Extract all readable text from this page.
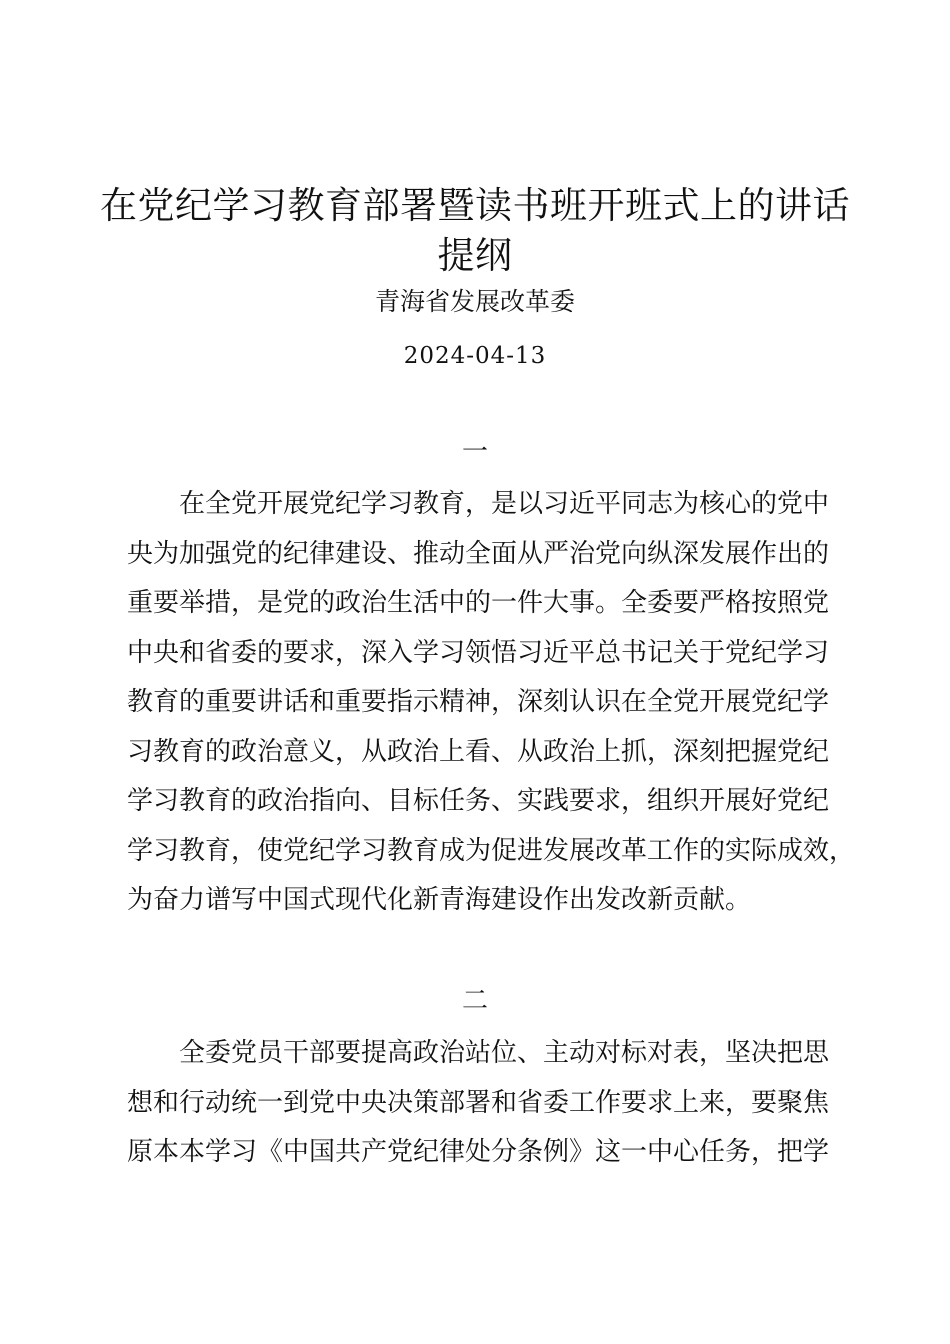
在党纪学习教育部署暨读书班开班式上的讲话
提纲
青海省发展改革委
2024-04-13
一
在全党开展党纪学习教育，是以习近平同志为核心的党中
央为加强党的纪律建设、推动全面从严治党向纵深发展作出的
重要举措，是党的政治生活中的一件大事。全委要严格按照党
中央和省委的要求，深入学习领悟习近平总书记关于党纪学习
教育的重要讲话和重要指示精神，深刻认识在全党开展党纪学
习教育的政治意义，从政治上看、从政治上抓，深刻把握党纪
学习教育的政治指向、目标任务、实践要求，组织开展好党纪
学习教育，使党纪学习教育成为促进发展改革工作的实际成效，
为奋力谱写中国式现代化新青海建设作出发改新贡献。
二
全委党员干部要提高政治站位、主动对标对表，坚决把思
想和行动统一到党中央决策部署和省委工作要求上来，要聚焦
原本本学习《中国共产党纪律处分条例》这一中心任务，把学
